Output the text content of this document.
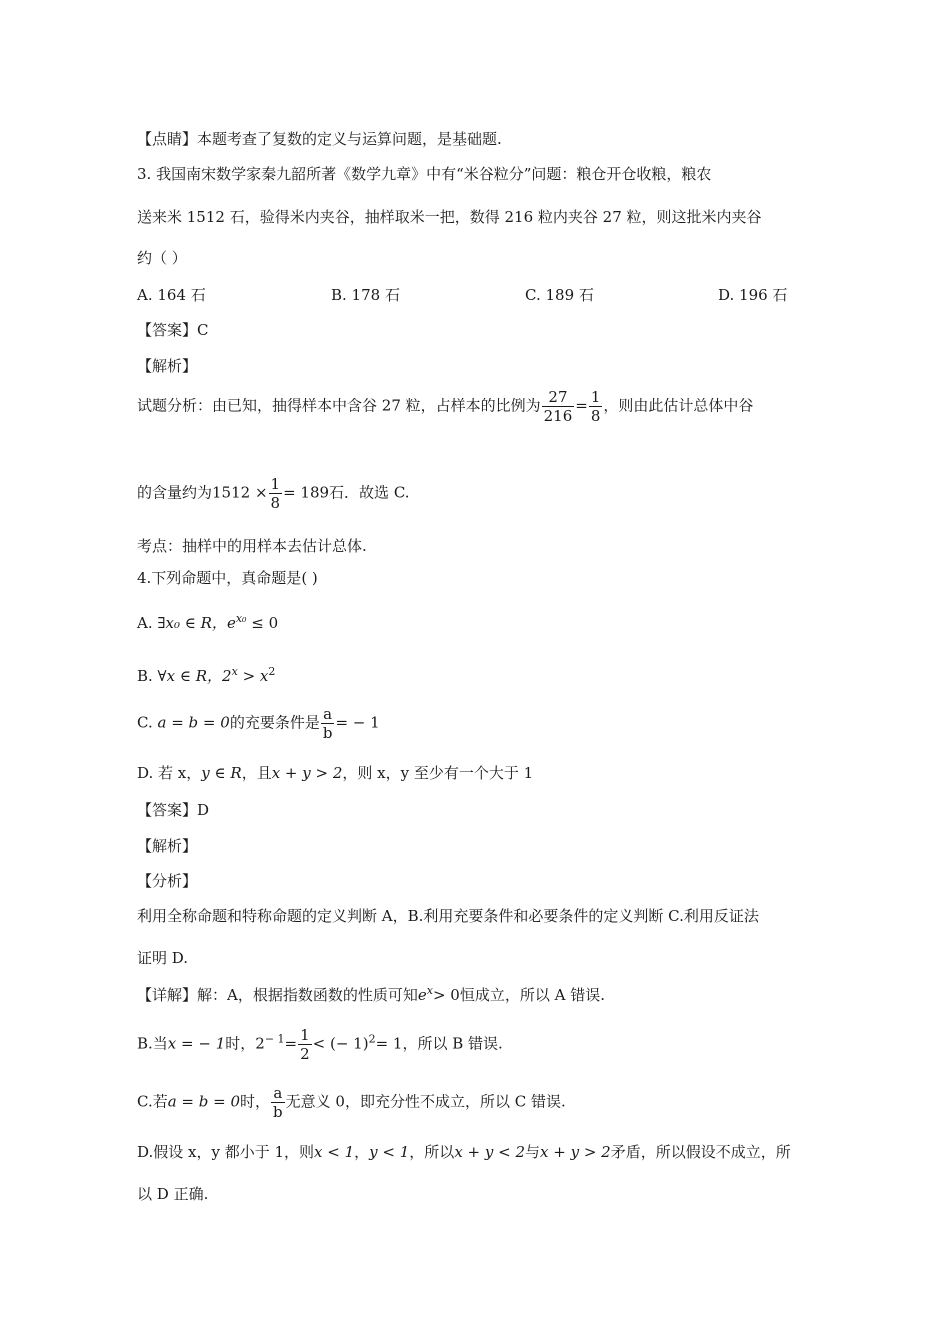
【点睛】本题考查了复数的定义与运算问题，是基础题.
3. 我国南宋数学家秦九韶所著《数学九章》中有“米谷粒分”问题：粮仓开仓收粮，粮农
送来米 1512 石，验得米内夹谷，抽样取米一把，数得 216 粒内夹谷 27 粒，则这批米内夹谷
约（ ）
A. 164 石	B. 178 石	C. 189 石	D. 196 石
【答案】C
【解析】
试题分析：由已知，抽得样本中含谷 27 粒，占样本的比例为 $\frac{27}{216} = \frac{1}{8}$ ，则由此估计总体中谷
的含量约为$1512 \times \frac{1}{8} = 189$石．故选 C.
考点：抽样中的用样本去估计总体.
4.下列命题中，真命题是( )
A. ∃x₀ ∈ R，$e^{x_0} \le 0$
B. ∀x ∈ R，$2^x > x^2$
C. a = b = 0的充要条件是 $\frac{a}{b}$ = − 1
D. 若 x，y ∈ R，且x + y > 2，则 x，y 至少有一个大于 1
【答案】D
【解析】
【分析】
利用全称命题和特称命题的定义判断 A，B.利用充要条件和必要条件的定义判断 C.利用反证法
证明 D.
【详解】解：A，根据指数函数的性质可知$e^x> 0$恒成立，所以 A 错误.
B.当x = − 1时，$2^{- 1}= \frac{1}{2}$ < (− 1)$^2$= 1，所以 B 错误.
C.若a = b = 0时， $\frac{a}{b}$ 无意义 0，即充分性不成立，所以 C 错误.
D.假设 x，y 都小于 1，则x < 1，y < 1，所以x + y < 2与x + y > 2矛盾，所以假设不成立，所
以 D 正确.
